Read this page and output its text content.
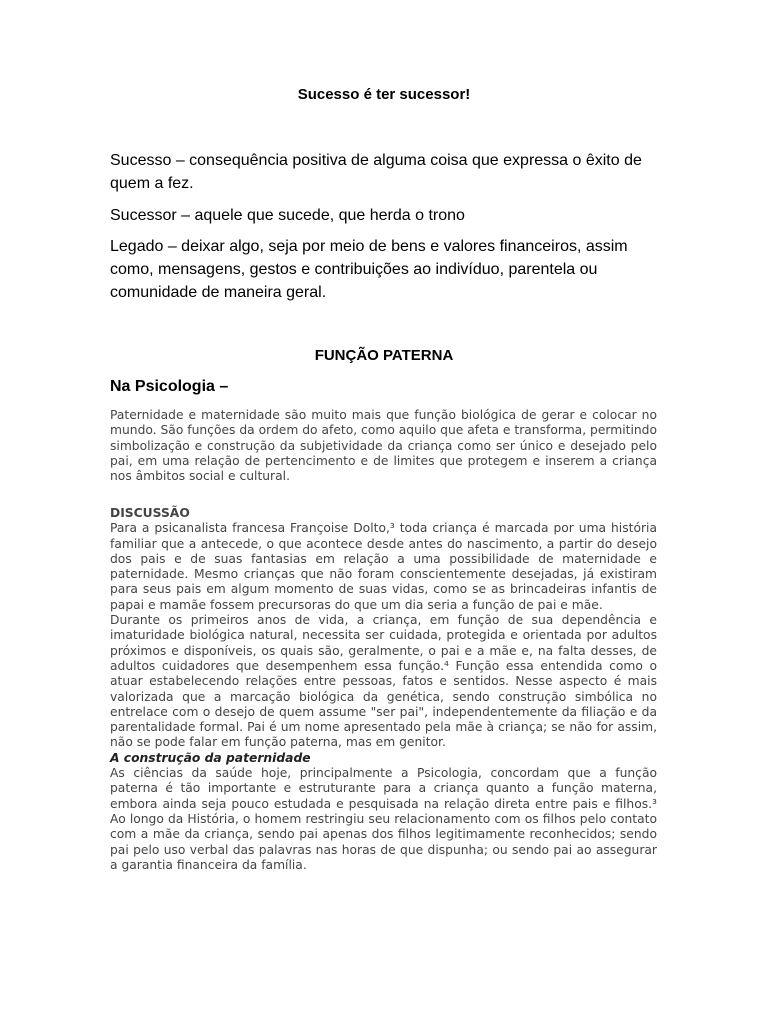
Sucesso é ter sucessor!
Sucesso – consequência positiva de alguma coisa que expressa o êxito de quem a fez.
Sucessor – aquele que sucede, que herda o trono
Legado – deixar algo, seja por meio de bens e valores financeiros, assim como, mensagens, gestos e contribuições ao indivíduo, parentela ou comunidade de maneira geral.
FUNÇÃO PATERNA
Na Psicologia –

Paternidade e maternidade são muito mais que função biológica de gerar e colocar no mundo. São funções da ordem do afeto, como aquilo que afeta e transforma, permitindo simbolização e construção da subjetividade da criança como ser único e desejado pelo pai, em uma relação de pertencimento e de limites que protegem e inserem a criança nos âmbitos social e cultural.

DISCUSSÃO

Para a psicanalista francesa Françoise Dolto,³ toda criança é marcada por uma história familiar que a antecede, o que acontece desde antes do nascimento, a partir do desejo dos pais e de suas fantasias em relação a uma possibilidade de maternidade e paternidade. Mesmo crianças que não foram conscientemente desejadas, já existiram para seus pais em algum momento de suas vidas, como se as brincadeiras infantis de papai e mamãe fossem precursoras do que um dia seria a função de pai e mãe.

Durante os primeiros anos de vida, a criança, em função de sua dependência e imaturidade biológica natural, necessita ser cuidada, protegida e orientada por adultos próximos e disponíveis, os quais são, geralmente, o pai e a mãe e, na falta desses, de adultos cuidadores que desempenhem essa função.⁴ Função essa entendida como o atuar estabelecendo relações entre pessoas, fatos e sentidos. Nesse aspecto é mais valorizada que a marcação biológica da genética, sendo construção simbólica no entrelace com o desejo de quem assume "ser pai", independentemente da filiação e da parentalidade formal. Pai é um nome apresentado pela mãe à criança; se não for assim, não se pode falar em função paterna, mas em genitor.

A construção da paternidade

As ciências da saúde hoje, principalmente a Psicologia, concordam que a função paterna é tão importante e estruturante para a criança quanto a função materna, embora ainda seja pouco estudada e pesquisada na relação direta entre pais e filhos.³ Ao longo da História, o homem restringiu seu relacionamento com os filhos pelo contato com a mãe da criança, sendo pai apenas dos filhos legitimamente reconhecidos; sendo pai pelo uso verbal das palavras nas horas de que dispunha; ou sendo pai ao assegurar a garantia financeira da família.
